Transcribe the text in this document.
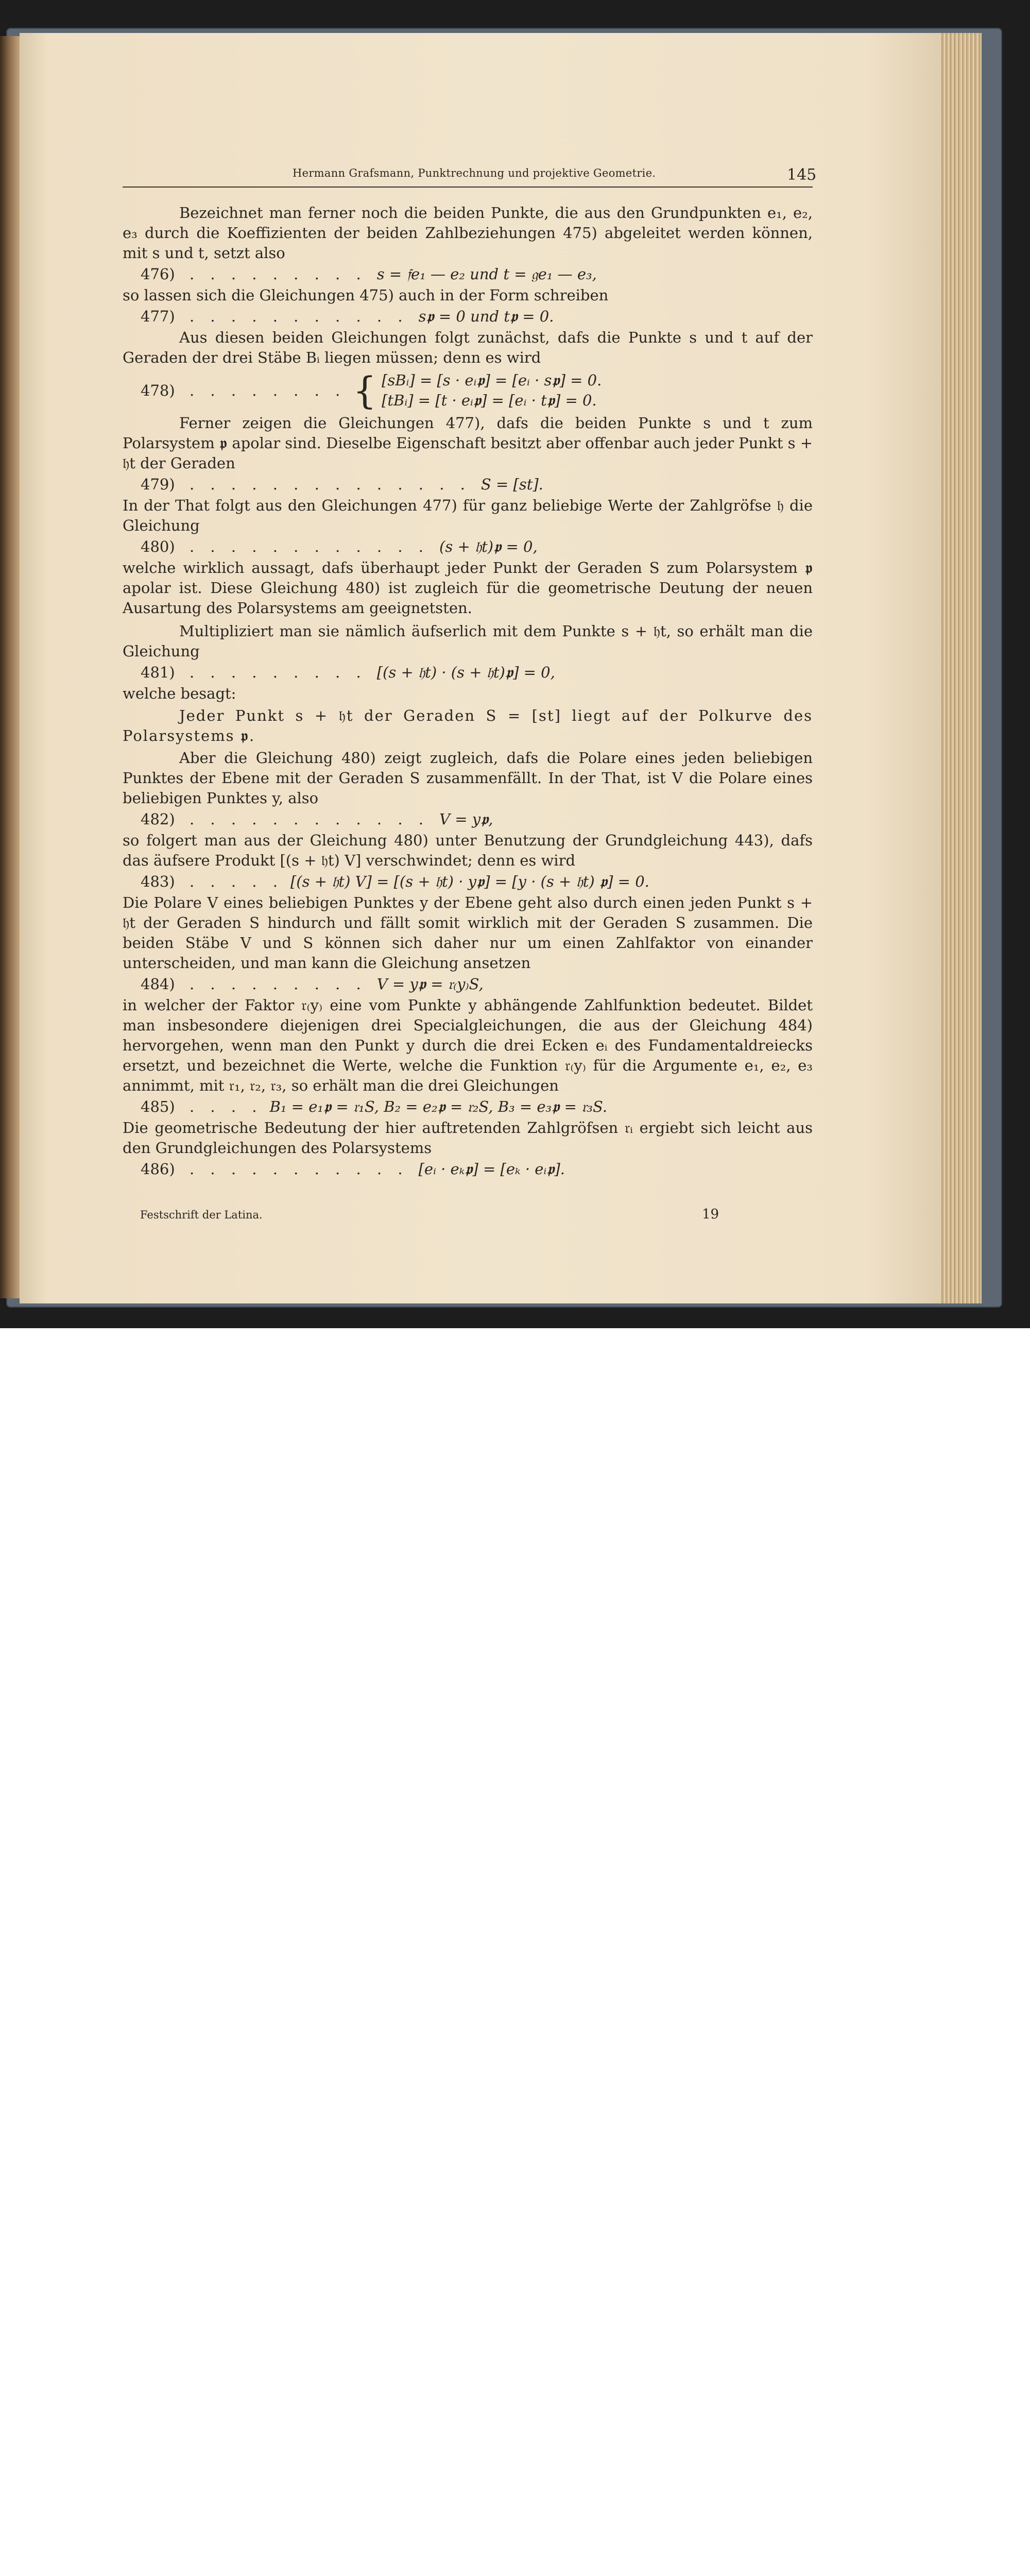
Hermann Grafsmann, Punktrechnung und projektive Geometrie.	145

Bezeichnet man ferner noch die beiden Punkte, die aus den Grundpunkten e₁, e₂, e₃ durch die Koeffizienten der beiden Zahlbeziehungen 475) abgeleitet werden können, mit s und t, setzt also

476) . . . . . . . . . s = 𝔣e₁ — e₂ und t = 𝔤e₁ — e₃,

so lassen sich die Gleichungen 475) auch in der Form schreiben

477) . . . . . . . . . . . s𝖕 = 0 und t𝖕 = 0.

Aus diesen beiden Gleichungen folgt zunächst, dafs die Punkte s und t auf der Geraden der drei Stäbe Bᵢ liegen müssen; denn es wird

478) . . . . . . . . { [sBᵢ] = [s · eᵢ𝖕] = [eᵢ · s𝖕] = 0.
[tBᵢ] = [t · eᵢ𝖕] = [eᵢ · t𝖕] = 0.

Ferner zeigen die Gleichungen 477), dafs die beiden Punkte s und t zum Polarsystem 𝖕 apolar sind. Dieselbe Eigenschaft besitzt aber offenbar auch jeder Punkt s + 𝔥t der Geraden

479) . . . . . . . . . . . . . . S = [st].

In der That folgt aus den Gleichungen 477) für ganz beliebige Werte der Zahlgröfse 𝔥 die Gleichung

480) . . . . . . . . . . . . (s + 𝔥t)𝖕 = 0,

welche wirklich aussagt, dafs überhaupt jeder Punkt der Geraden S zum Polarsystem 𝖕 apolar ist. Diese Gleichung 480) ist zugleich für die geometrische Deutung der neuen Ausartung des Polarsystems am geeignetsten.

Multipliziert man sie nämlich äufserlich mit dem Punkte s + 𝔥t, so erhält man die Gleichung

481) . . . . . . . . . [(s + 𝔥t) · (s + 𝔥t)𝖕] = 0,

welche besagt:

Jeder Punkt s + 𝔥t der Geraden S = [st] liegt auf der Polkurve des Polarsystems 𝖕.

Aber die Gleichung 480) zeigt zugleich, dafs die Polare eines jeden beliebigen Punktes der Ebene mit der Geraden S zusammenfällt. In der That, ist V die Polare eines beliebigen Punktes y, also

482) . . . . . . . . . . . . V = y𝖕,

so folgert man aus der Gleichung 480) unter Benutzung der Grundgleichung 443), dafs das äufsere Produkt [(s + 𝔥t) V] verschwindet; denn es wird

483) . . . . . [(s + 𝔥t) V] = [(s + 𝔥t) · y𝖕] = [y · (s + 𝔥t) 𝖕] = 0.

Die Polare V eines beliebigen Punktes y der Ebene geht also durch einen jeden Punkt s + 𝔥t der Geraden S hindurch und fällt somit wirklich mit der Geraden S zusammen. Die beiden Stäbe V und S können sich daher nur um einen Zahlfaktor von einander unterscheiden, und man kann die Gleichung ansetzen

484) . . . . . . . . . V = y𝖕 = 𝔯₍y₎S,

in welcher der Faktor 𝔯₍y₎ eine vom Punkte y abhängende Zahlfunktion bedeutet. Bildet man insbesondere diejenigen drei Specialgleichungen, die aus der Gleichung 484) hervorgehen, wenn man den Punkt y durch die drei Ecken eᵢ des Fundamentaldreiecks ersetzt, und bezeichnet die Werte, welche die Funktion 𝔯₍y₎ für die Argumente e₁, e₂, e₃ annimmt, mit 𝔯₁, 𝔯₂, 𝔯₃, so erhält man die drei Gleichungen

485) . . . . B₁ = e₁𝖕 = 𝔯₁S, B₂ = e₂𝖕 = 𝔯₂S, B₃ = e₃𝖕 = 𝔯₃S.

Die geometrische Bedeutung der hier auftretenden Zahlgröfsen 𝔯ᵢ ergiebt sich leicht aus den Grundgleichungen des Polarsystems

486) . . . . . . . . . . . [eᵢ · eₖ𝖕] = [eₖ · eᵢ𝖕].
Festschrift der Latina.	19
